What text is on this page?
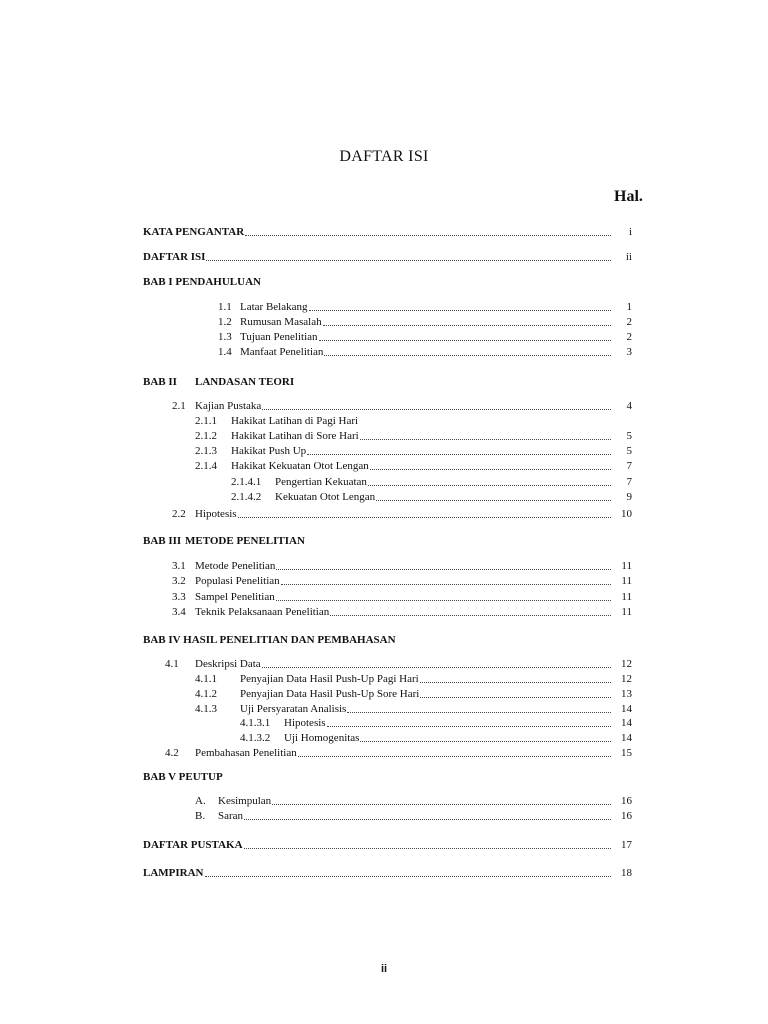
DAFTAR ISI
Hal.
KATA PENGANTAR	i
DAFTAR ISI	ii
BAB I PENDAHULUAN
1.1 Latar Belakang	1
1.2 Rumusan Masalah	2
1.3 Tujuan Penelitian	2
1.4 Manfaat Penelitian	3
BAB II	LANDASAN TEORI
2.1 Kajian Pustaka	4
2.1.1	Hakikat Latihan di Pagi Hari
2.1.2	Hakikat Latihan di Sore Hari	5
2.1.3	Hakikat Push Up	5
2.1.4	Hakikat Kekuatan Otot Lengan	7
2.1.4.1	Pengertian Kekuatan	7
2.1.4.2	Kekuatan Otot Lengan	9
2.2 Hipotesis	10
BAB III METODE PENELITIAN
3.1 Metode Penelitian	11
3.2 Populasi Penelitian	11
3.3 Sampel Penelitian	11
3.4 Teknik Pelaksanaan Penelitian	11
BAB IV HASIL PENELITIAN DAN PEMBAHASAN
4.1	Deskripsi Data	12
4.1.1	Penyajian Data Hasil Push-Up Pagi Hari	12
4.1.2	Penyajian Data Hasil Push-Up Sore Hari	13
4.1.3	Uji Persyaratan Analisis	14
4.1.3.1	Hipotesis	14
4.1.3.2	Uji Homogenitas	14
4.2	Pembahasan Penelitian	15
BAB V PEUTUP
A.	Kesimpulan	16
B.	Saran	16
DAFTAR PUSTAKA	17
LAMPIRAN	18
ii
